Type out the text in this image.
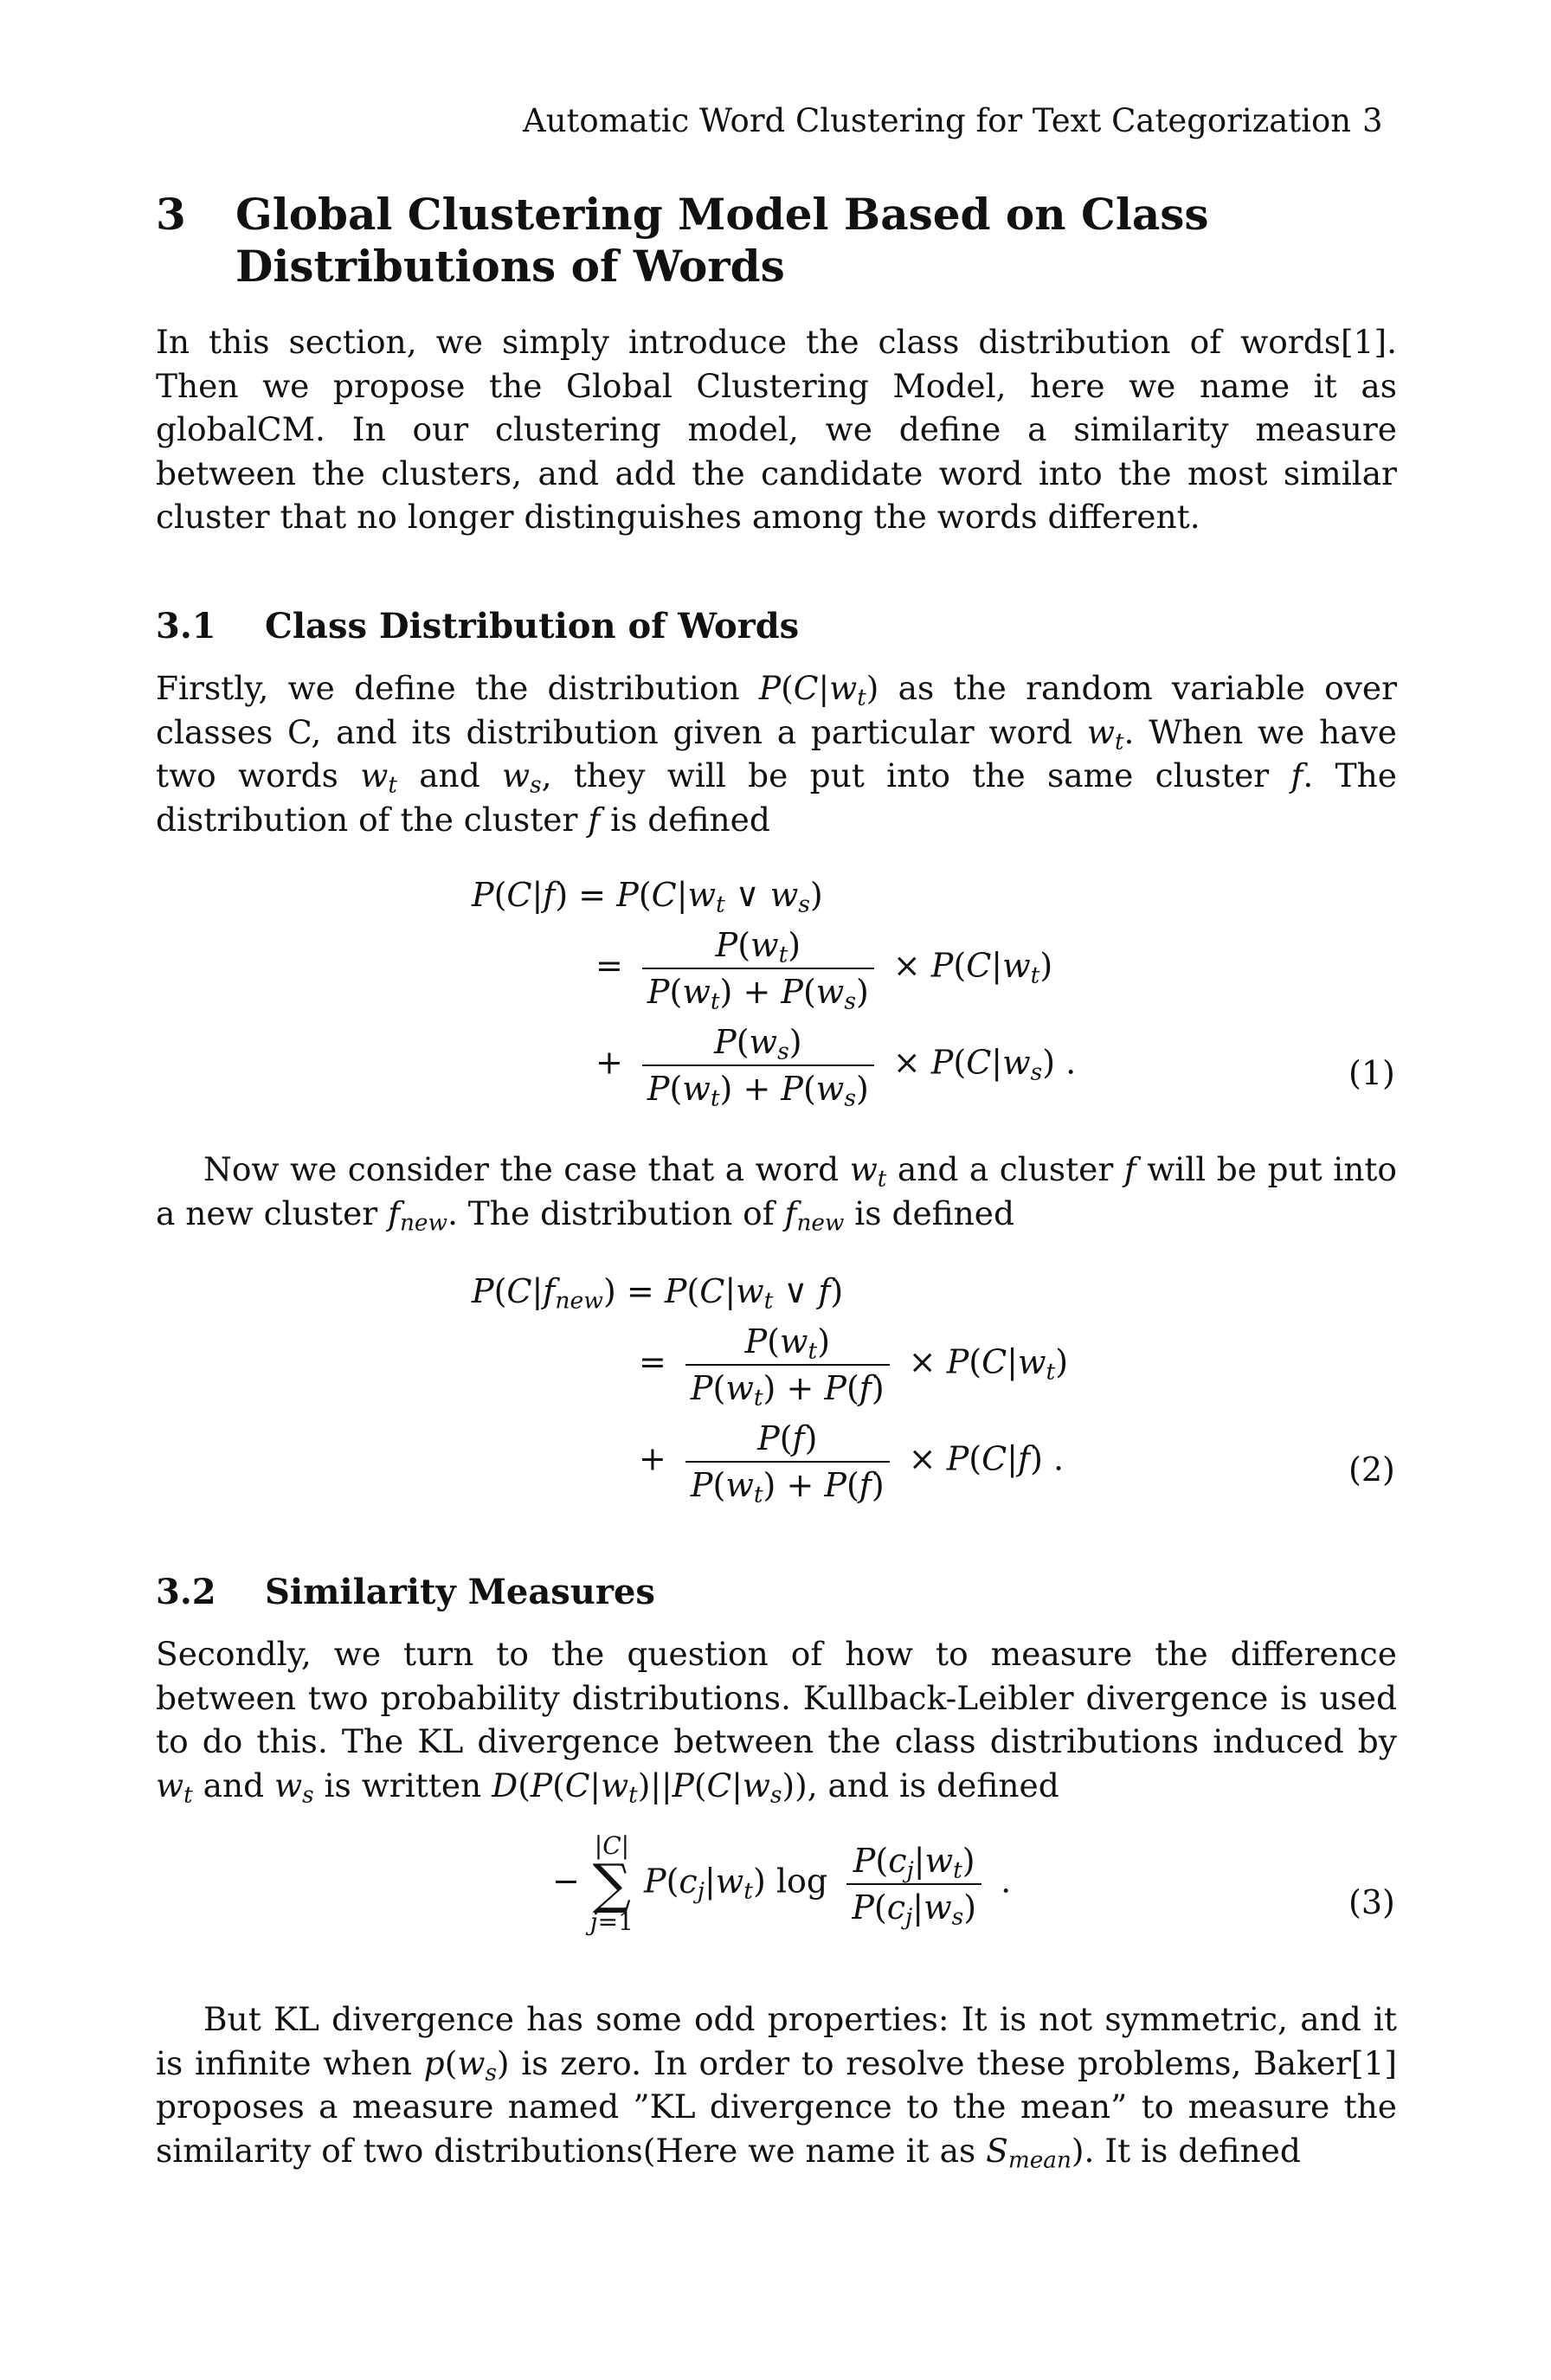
Automatic Word Clustering for Text Categorization 3
3 Global Clustering Model Based on Class Distributions of Words
In this section, we simply introduce the class distribution of words[1]. Then we propose the Global Clustering Model, here we name it as globalCM. In our clustering model, we define a similarity measure between the clusters, and add the candidate word into the most similar cluster that no longer distinguishes among the words different.
3.1 Class Distribution of Words
Firstly, we define the distribution $P(C|w_t)$ as the random variable over classes C, and its distribution given a particular word $w_t$. When we have two words $w_t$ and $w_s$, they will be put into the same cluster f. The distribution of the cluster f is defined
$P(C|f) = P(C|w_t$ ∨ $w_s$)
= $\frac{P(w_t)}{P(w_t) + P(w_s)} \times P(C|w_t)$
+ $\frac{P(w_s)}{P(w_t) + P(w_s)} \times P(C|w_s)$ .	(1)
Now we consider the case that a word $w_t$ and a cluster f will be put into a new cluster $f_{new}$. The distribution of $f_{new}$ is defined
$P(C|f_{new}) = P(C|w_t$ ∨ f)
= $\frac{P(w_t)}{P(w_t) + P(f)} \times P(C|w_t)$
+ $\frac{P(f)}{P(w_t) + P(f)} \times P(C|f)$ .	(2)
3.2 Similarity Measures
Secondly, we turn to the question of how to measure the difference between two probability distributions. Kullback-Leibler divergence is used to do this. The KL divergence between the class distributions induced by $w_t$ and $w_s$ is written $D(P(C|w_t)||P(C|w_s))$, and is defined
−
|C|
∑
j=1
$P(c_j|w_t)$ $\log \frac{P(c_j|w_t)}{P(c_j|w_s)}$ .
(3)
But KL divergence has some odd properties: It is not symmetric, and it is infinite when $p(w_s)$ is zero. In order to resolve these problems, Baker[1] proposes a measure named ”KL divergence to the mean” to measure the similarity of two distributions(Here we name it as $S_{mean}$). It is defined
